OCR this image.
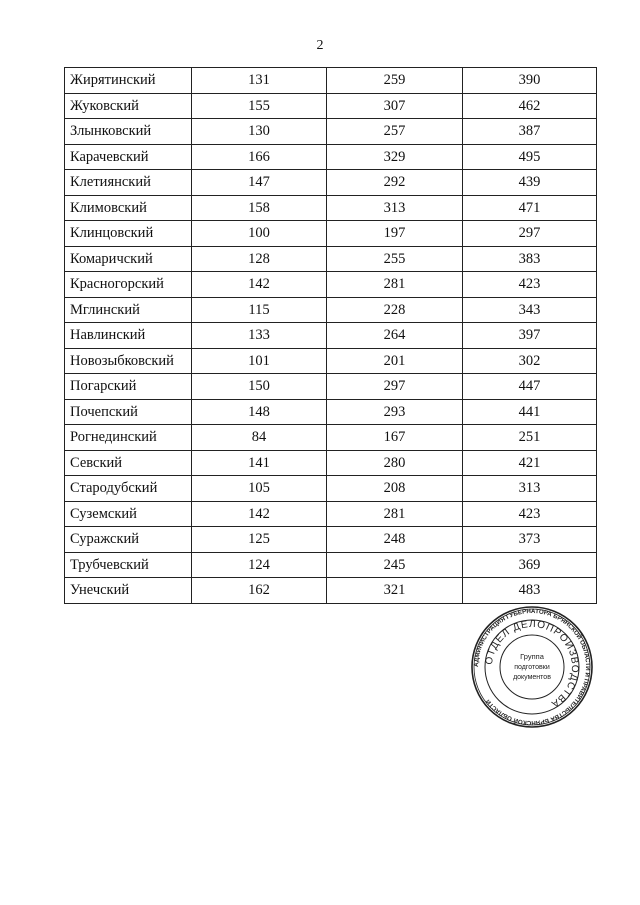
2
Жирятинский	131	259	390
Жуковский	155	307	462
Злынковский	130	257	387
Карачевский	166	329	495
Клетиянский	147	292	439
Климовский	158	313	471
Клинцовский	100	197	297
Комаричский	128	255	383
Красногорский	142	281	423
Мглинский	115	228	343
Навлинский	133	264	397
Новозыбковский	101	201	302
Погарский	150	297	447
Почепский	148	293	441
Рогнединский	84	167	251
Севский	141	280	421
Стародубский	105	208	313
Суземский	142	281	423
Суражский	125	248	373
Трубчевский	124	245	369
Унечский	162	321	483
АДМИНИСТРАЦИЯ ГУБЕРНАТОРА БРЯНСКОЙ ОБЛАСТИ И ПРАВИТЕЛЬСТВА БРЯНСКОЙ ОБЛАСТИ
ОТДЕЛ ДЕЛОПРОИЗВОДСТВА
Группа
подготовки
документов
